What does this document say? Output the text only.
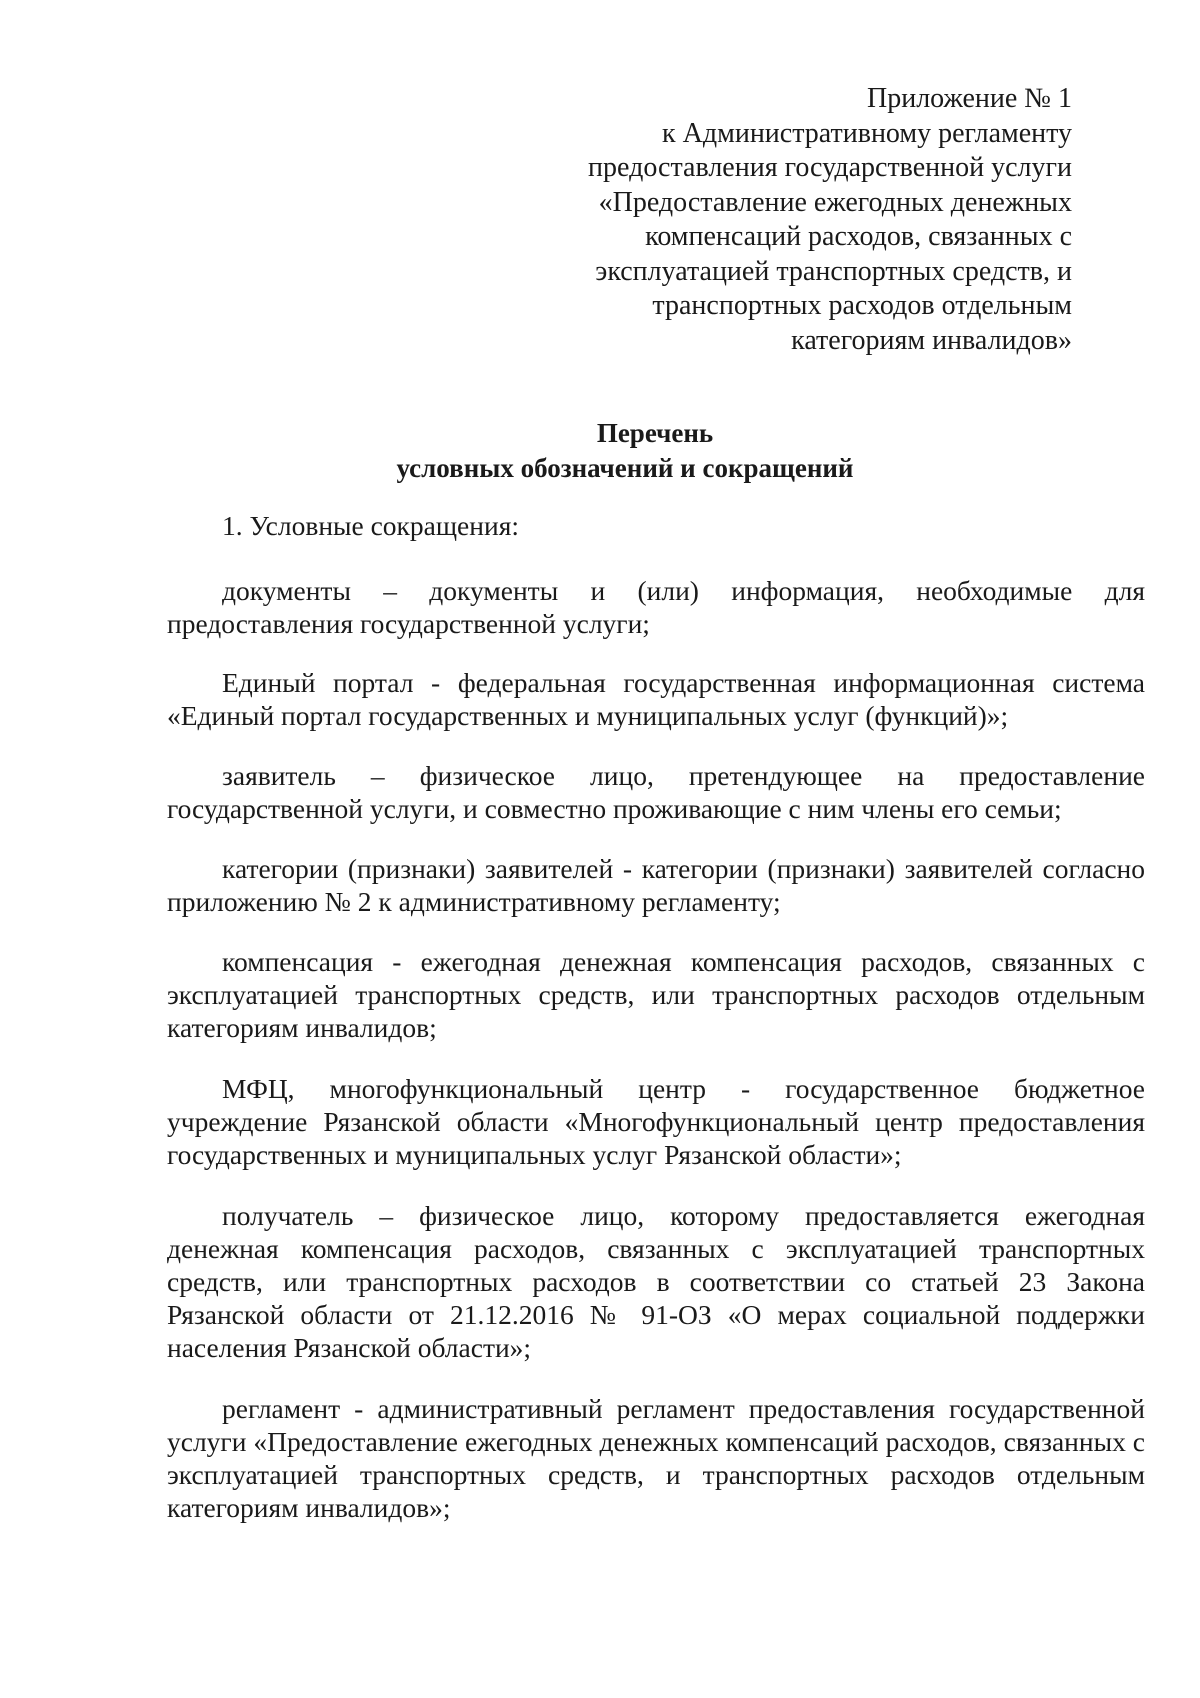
Приложение № 1
к Административному регламенту
предоставления государственной услуги
«Предоставление ежегодных денежных
компенсаций расходов, связанных с
эксплуатацией транспортных средств, и
транспортных расходов отдельным
категориям инвалидов»
Перечень
условных обозначений и сокращений

1. Условные сокращения:

документы – документы и (или) информация, необходимые для предоставления государственной услуги;

Единый портал - федеральная государственная информационная система «Единый портал государственных и муниципальных услуг (функций)»;

заявитель – физическое лицо, претендующее на предоставление государственной услуги, и совместно проживающие с ним члены его семьи;

категории (признаки) заявителей - категории (признаки) заявителей согласно приложению № 2 к административному регламенту;

компенсация - ежегодная денежная компенсация расходов, связанных с эксплуатацией транспортных средств, или транспортных расходов отдельным категориям инвалидов;

МФЦ, многофункциональный центр - государственное бюджетное учреждение Рязанской области «Многофункциональный центр предоставления государственных и муниципальных услуг Рязанской области»;

получатель – физическое лицо, которому предоставляется ежегодная денежная компенсация расходов, связанных с эксплуатацией транспортных средств, или транспортных расходов в соответствии со статьей 23 Закона Рязанской области от 21.12.2016 № 91-ОЗ «О мерах социальной поддержки населения Рязанской области»;

регламент - административный регламент предоставления государственной услуги «Предоставление ежегодных денежных компенсаций расходов, связанных с эксплуатацией транспортных средств, и транспортных расходов отдельным категориям инвалидов»;
